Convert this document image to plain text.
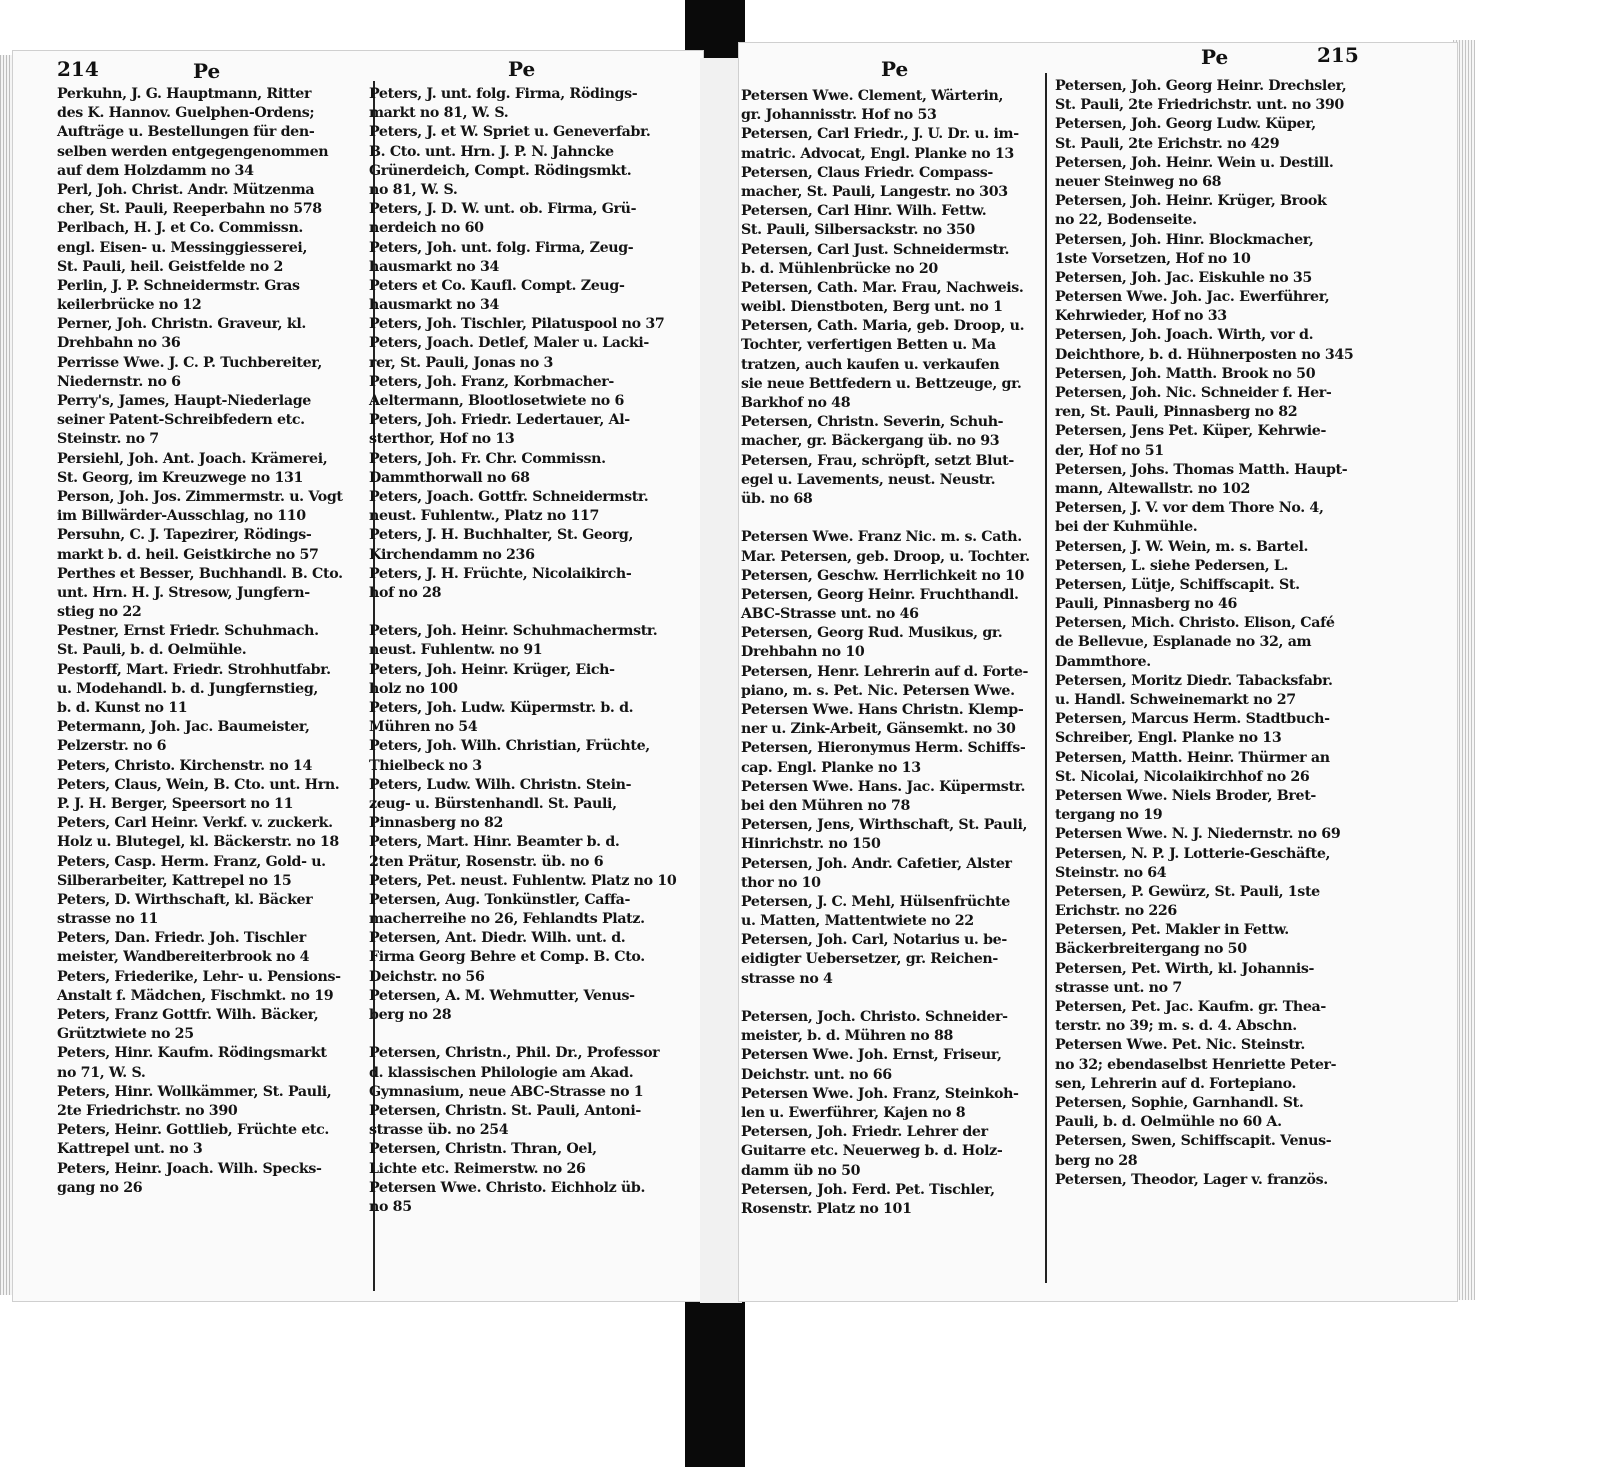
214	Pe	Pe
Perkuhn, J. G. Hauptmann, Ritter
des K. Hannov. Guelphen-Ordens;
Aufträge u. Bestellungen für den-
selben werden entgegengenommen
auf dem Holzdamm no 34
Perl, Joh. Christ. Andr. Mützenma
cher, St. Pauli, Reeperbahn no 578
Perlbach, H. J. et Co. Commissn.
engl. Eisen- u. Messinggiesserei,
St. Pauli, heil. Geistfelde no 2
Perlin, J. P. Schneidermstr. Gras
keilerbrücke no 12
Perner, Joh. Christn. Graveur, kl.
Drehbahn no 36
Perrisse Wwe. J. C. P. Tuchbereiter,
Niedernstr. no 6
Perry's, James, Haupt-Niederlage
seiner Patent-Schreibfedern etc.
Steinstr. no 7
Persiehl, Joh. Ant. Joach. Krämerei,
St. Georg, im Kreuzwege no 131
Person, Joh. Jos. Zimmermstr. u. Vogt
im Billwärder-Ausschlag, no 110
Persuhn, C. J. Tapezirer, Rödings-
markt b. d. heil. Geistkirche no 57
Perthes et Besser, Buchhandl. B. Cto.
unt. Hrn. H. J. Stresow, Jungfern-
stieg no 22
Pestner, Ernst Friedr. Schuhmach.
St. Pauli, b. d. Oelmühle.
Pestorff, Mart. Friedr. Strohhutfabr.
u. Modehandl. b. d. Jungfernstieg,
b. d. Kunst no 11
Petermann, Joh. Jac. Baumeister,
Pelzerstr. no 6
Peters, Christo. Kirchenstr. no 14
Peters, Claus, Wein, B. Cto. unt. Hrn.
P. J. H. Berger, Speersort no 11
Peters, Carl Heinr. Verkf. v. zuckerk.
Holz u. Blutegel, kl. Bäckerstr. no 18
Peters, Casp. Herm. Franz, Gold- u.
Silberarbeiter, Kattrepel no 15
Peters, D. Wirthschaft, kl. Bäcker
strasse no 11
Peters, Dan. Friedr. Joh. Tischler
meister, Wandbereiterbrook no 4
Peters, Friederike, Lehr- u. Pensions-
Anstalt f. Mädchen, Fischmkt. no 19
Peters, Franz Gottfr. Wilh. Bäcker,
Grütztwiete no 25
Peters, Hinr. Kaufm. Rödingsmarkt
no 71, W. S.
Peters, Hinr. Wollkämmer, St. Pauli,
2te Friedrichstr. no 390
Peters, Heinr. Gottlieb, Früchte etc.
Kattrepel unt. no 3
Peters, Heinr. Joach. Wilh. Specks-
gang no 26
Peters, J. unt. folg. Firma, Rödings-
markt no 81, W. S.
Peters, J. et W. Spriet u. Geneverfabr.
B. Cto. unt. Hrn. J. P. N. Jahncke
Grünerdeich, Compt. Rödingsmkt.
no 81, W. S.
Peters, J. D. W. unt. ob. Firma, Grü-
nerdeich no 60
Peters, Joh. unt. folg. Firma, Zeug-
hausmarkt no 34
Peters et Co. Kaufl. Compt. Zeug-
hausmarkt no 34
Peters, Joh. Tischler, Pilatuspool no 37
Peters, Joach. Detlef, Maler u. Lacki-
rer, St. Pauli, Jonas no 3
Peters, Joh. Franz, Korbmacher-
Aeltermann, Blootlosetwiete no 6
Peters, Joh. Friedr. Ledertauer, Al-
sterthor, Hof no 13
Peters, Joh. Fr. Chr. Commissn.
Dammthorwall no 68
Peters, Joach. Gottfr. Schneidermstr.
neust. Fuhlentw., Platz no 117
Peters, J. H. Buchhalter, St. Georg,
Kirchendamm no 236
Peters, J. H. Früchte, Nicolaikirch-
hof no 28
Peters, Joh. Heinr. Schuhmachermstr.
neust. Fuhlentw. no 91
Peters, Joh. Heinr. Krüger, Eich-
holz no 100
Peters, Joh. Ludw. Küpermstr. b. d.
Mühren no 54
Peters, Joh. Wilh. Christian, Früchte,
Thielbeck no 3
Peters, Ludw. Wilh. Christn. Stein-
zeug- u. Bürstenhandl. St. Pauli,
Pinnasberg no 82
Peters, Mart. Hinr. Beamter b. d.
2ten Prätur, Rosenstr. üb. no 6
Peters, Pet. neust. Fuhlentw. Platz no 10
Petersen, Aug. Tonkünstler, Caffa-
macherreihe no 26, Fehlandts Platz.
Petersen, Ant. Diedr. Wilh. unt. d.
Firma Georg Behre et Comp. B. Cto.
Deichstr. no 56
Petersen, A. M. Wehmutter, Venus-
berg no 28
Petersen, Christn., Phil. Dr., Professor
d. klassischen Philologie am Akad.
Gymnasium, neue ABC-Strasse no 1
Petersen, Christn. St. Pauli, Antoni-
strasse üb. no 254
Petersen, Christn. Thran, Oel,
Lichte etc. Reimerstw. no 26
Petersen Wwe. Christo. Eichholz üb.
no 85
Pe	Pe	215
Petersen Wwe. Clement, Wärterin,
gr. Johannisstr. Hof no 53
Petersen, Carl Friedr., J. U. Dr. u. im-
matric. Advocat, Engl. Planke no 13
Petersen, Claus Friedr. Compass-
macher, St. Pauli, Langestr. no 303
Petersen, Carl Hinr. Wilh. Fettw.
St. Pauli, Silbersackstr. no 350
Petersen, Carl Just. Schneidermstr.
b. d. Mühlenbrücke no 20
Petersen, Cath. Mar. Frau, Nachweis.
weibl. Dienstboten, Berg unt. no 1
Petersen, Cath. Maria, geb. Droop, u.
Tochter, verfertigen Betten u. Ma
tratzen, auch kaufen u. verkaufen
sie neue Bettfedern u. Bettzeuge, gr.
Barkhof no 48
Petersen, Christn. Severin, Schuh-
macher, gr. Bäckergang üb. no 93
Petersen, Frau, schröpft, setzt Blut-
egel u. Lavements, neust. Neustr.
üb. no 68
Petersen Wwe. Franz Nic. m. s. Cath.
Mar. Petersen, geb. Droop, u. Tochter.
Petersen, Geschw. Herrlichkeit no 10
Petersen, Georg Heinr. Fruchthandl.
ABC-Strasse unt. no 46
Petersen, Georg Rud. Musikus, gr.
Drehbahn no 10
Petersen, Henr. Lehrerin auf d. Forte-
piano, m. s. Pet. Nic. Petersen Wwe.
Petersen Wwe. Hans Christn. Klemp-
ner u. Zink-Arbeit, Gänsemkt. no 30
Petersen, Hieronymus Herm. Schiffs-
cap. Engl. Planke no 13
Petersen Wwe. Hans. Jac. Küpermstr.
bei den Mühren no 78
Petersen, Jens, Wirthschaft, St. Pauli,
Hinrichstr. no 150
Petersen, Joh. Andr. Cafetier, Alster
thor no 10
Petersen, J. C. Mehl, Hülsenfrüchte
u. Matten, Mattentwiete no 22
Petersen, Joh. Carl, Notarius u. be-
eidigter Uebersetzer, gr. Reichen-
strasse no 4
Petersen, Joch. Christo. Schneider-
meister, b. d. Mühren no 88
Petersen Wwe. Joh. Ernst, Friseur,
Deichstr. unt. no 66
Petersen Wwe. Joh. Franz, Steinkoh-
len u. Ewerführer, Kajen no 8
Petersen, Joh. Friedr. Lehrer der
Guitarre etc. Neuerweg b. d. Holz-
damm üb no 50
Petersen, Joh. Ferd. Pet. Tischler,
Rosenstr. Platz no 101
Petersen, Joh. Georg Heinr. Drechsler,
St. Pauli, 2te Friedrichstr. unt. no 390
Petersen, Joh. Georg Ludw. Küper,
St. Pauli, 2te Erichstr. no 429
Petersen, Joh. Heinr. Wein u. Destill.
neuer Steinweg no 68
Petersen, Joh. Heinr. Krüger, Brook
no 22, Bodenseite.
Petersen, Joh. Hinr. Blockmacher,
1ste Vorsetzen, Hof no 10
Petersen, Joh. Jac. Eiskuhle no 35
Petersen Wwe. Joh. Jac. Ewerführer,
Kehrwieder, Hof no 33
Petersen, Joh. Joach. Wirth, vor d.
Deichthore, b. d. Hühnerposten no 345
Petersen, Joh. Matth. Brook no 50
Petersen, Joh. Nic. Schneider f. Her-
ren, St. Pauli, Pinnasberg no 82
Petersen, Jens Pet. Küper, Kehrwie-
der, Hof no 51
Petersen, Johs. Thomas Matth. Haupt-
mann, Altewallstr. no 102
Petersen, J. V. vor dem Thore No. 4,
bei der Kuhmühle.
Petersen, J. W. Wein, m. s. Bartel.
Petersen, L. siehe Pedersen, L.
Petersen, Lütje, Schiffscapit. St.
Pauli, Pinnasberg no 46
Petersen, Mich. Christo. Elison, Café
de Bellevue, Esplanade no 32, am
Dammthore.
Petersen, Moritz Diedr. Tabacksfabr.
u. Handl. Schweinemarkt no 27
Petersen, Marcus Herm. Stadtbuch-
Schreiber, Engl. Planke no 13
Petersen, Matth. Heinr. Thürmer an
St. Nicolai, Nicolaikirchhof no 26
Petersen Wwe. Niels Broder, Bret-
tergang no 19
Petersen Wwe. N. J. Niedernstr. no 69
Petersen, N. P. J. Lotterie-Geschäfte,
Steinstr. no 64
Petersen, P. Gewürz, St. Pauli, 1ste
Erichstr. no 226
Petersen, Pet. Makler in Fettw.
Bäckerbreitergang no 50
Petersen, Pet. Wirth, kl. Johannis-
strasse unt. no 7
Petersen, Pet. Jac. Kaufm. gr. Thea-
terstr. no 39; m. s. d. 4. Abschn.
Petersen Wwe. Pet. Nic. Steinstr.
no 32; ebendaselbst Henriette Peter-
sen, Lehrerin auf d. Fortepiano.
Petersen, Sophie, Garnhandl. St.
Pauli, b. d. Oelmühle no 60 A.
Petersen, Swen, Schiffscapit. Venus-
berg no 28
Petersen, Theodor, Lager v. französ.
